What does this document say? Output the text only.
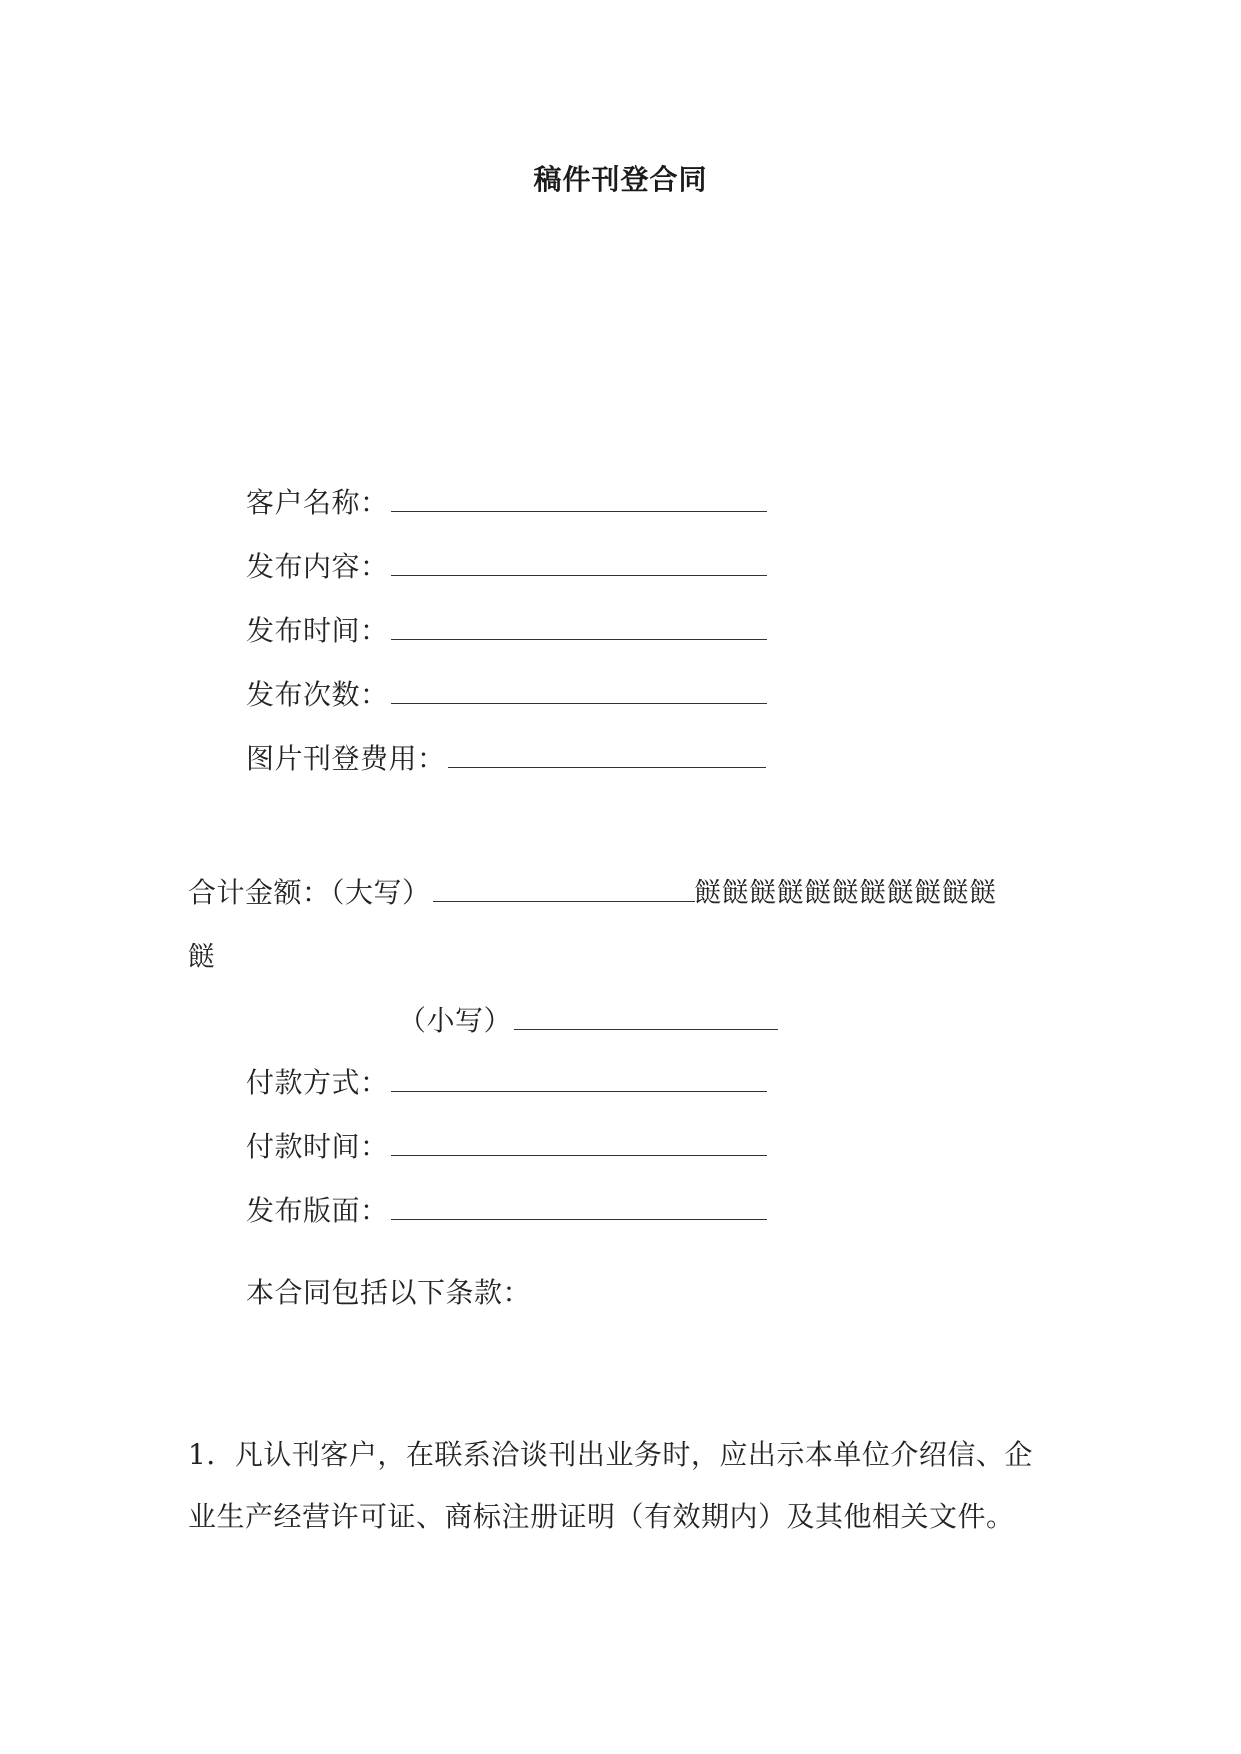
稿件刊登合同
客户名称：
发布内容：
发布时间：
发布次数：
图片刊登费用：
合计金额：（大写）	餸餸餸餸餸餸餸餸餸餸餸
餸
（小写）
付款方式：
付款时间：
发布版面：
本合同包括以下条款：
1．凡认刊客户，在联系洽谈刊出业务时，应出示本单位介绍信、企
业生产经营许可证、商标注册证明（有效期内）及其他相关文件。
